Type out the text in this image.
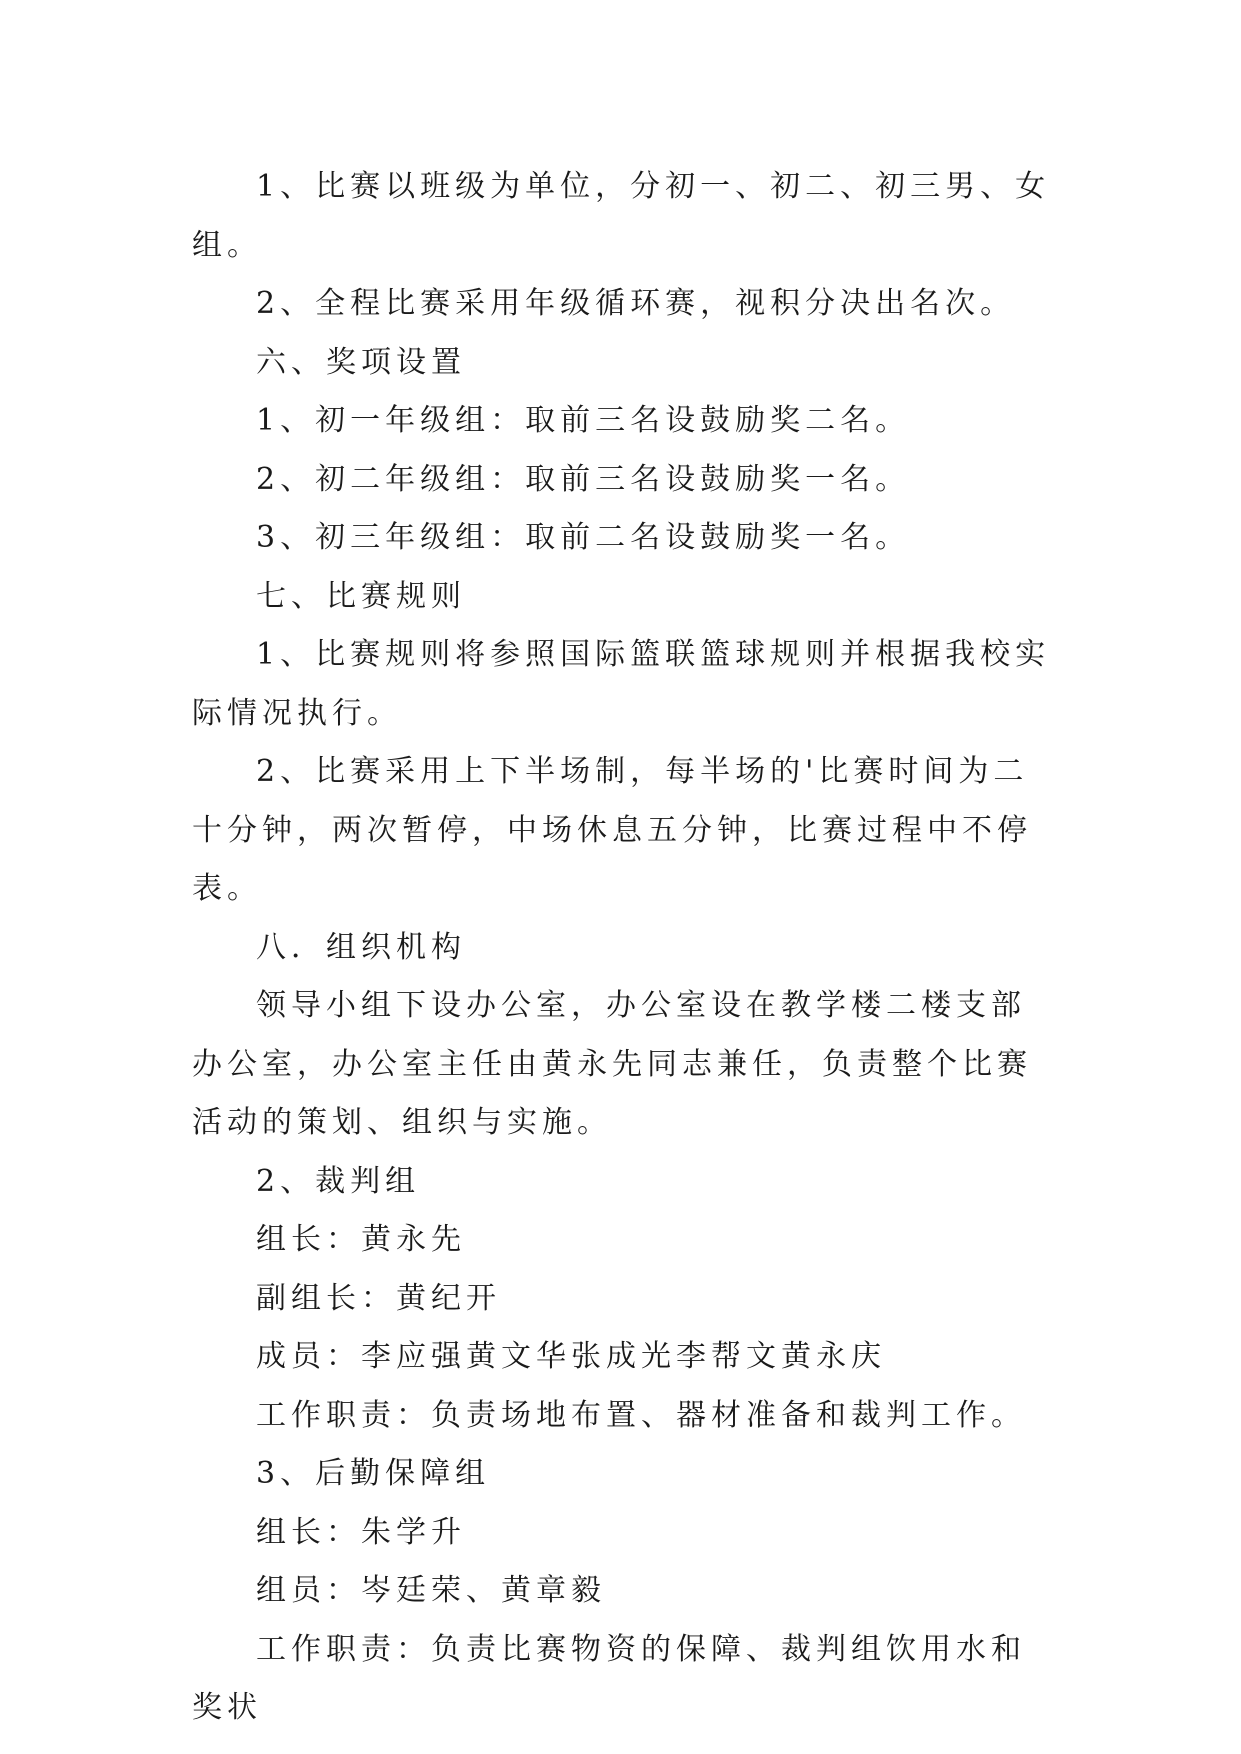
1、比赛以班级为单位，分初一、初二、初三男、女组。

2、全程比赛采用年级循环赛，视积分决出名次。

六、奖项设置

1、初一年级组：取前三名设鼓励奖二名。

2、初二年级组：取前三名设鼓励奖一名。

3、初三年级组：取前二名设鼓励奖一名。

七、比赛规则

1、比赛规则将参照国际篮联篮球规则并根据我校实际情况执行。

2、比赛采用上下半场制，每半场的'比赛时间为二十分钟，两次暂停，中场休息五分钟，比赛过程中不停表。

八．组织机构

领导小组下设办公室，办公室设在教学楼二楼支部办公室，办公室主任由黄永先同志兼任，负责整个比赛活动的策划、组织与实施。

2、裁判组

组长：黄永先

副组长：黄纪开

成员：李应强黄文华张成光李帮文黄永庆

工作职责：负责场地布置、器材准备和裁判工作。

3、后勤保障组

组长：朱学升

组员：岑廷荣、黄章毅

工作职责：负责比赛物资的保障、裁判组饮用水和奖状
